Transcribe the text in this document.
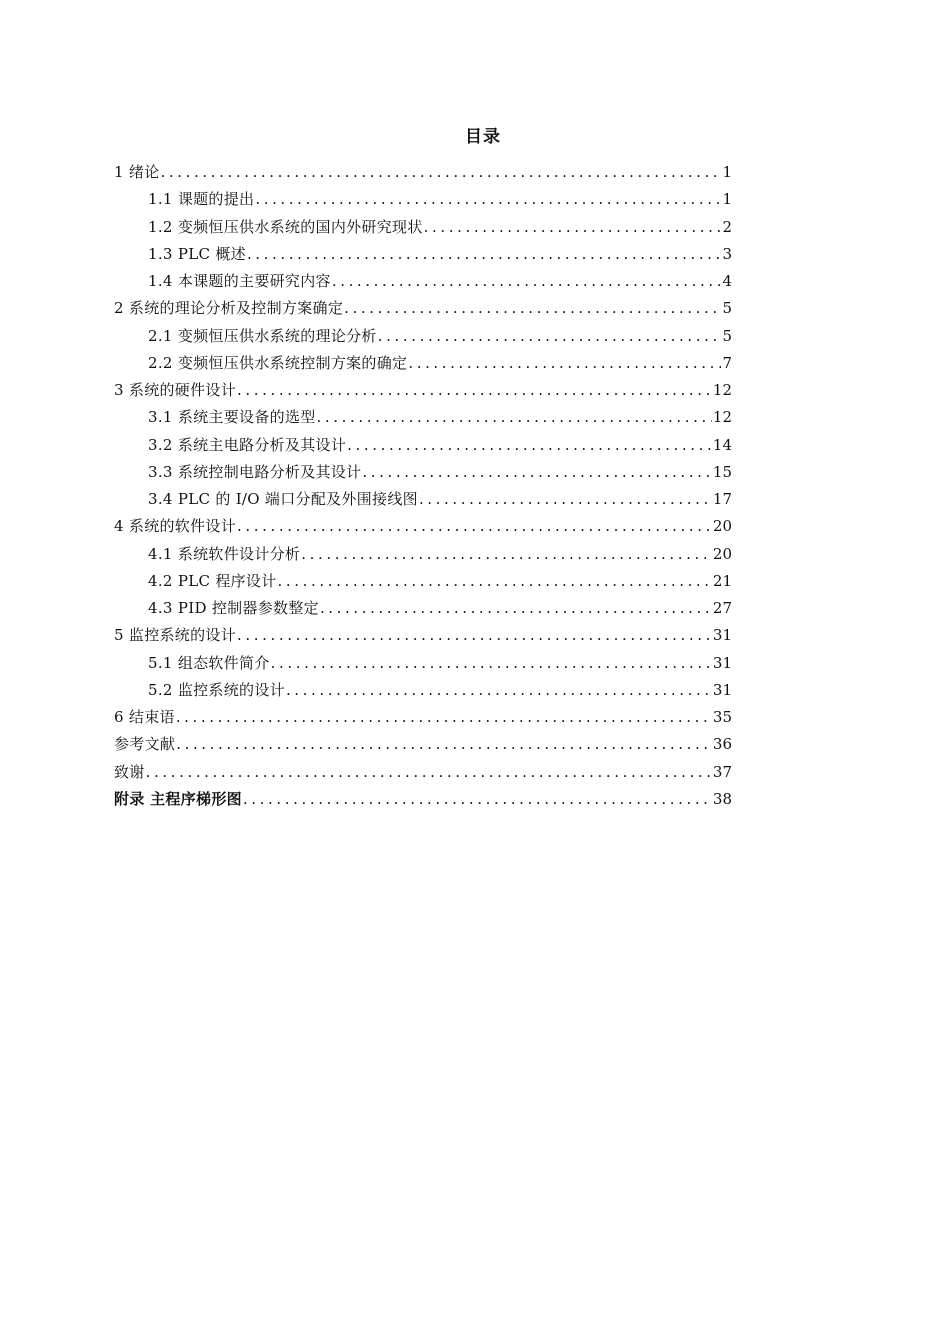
目录
1 绪论 .....	1
1.1 课题的提出 .....	1
1.2 变频恒压供水系统的国内外研究现状 .....	2
1.3 PLC 概述 .....	3
1.4 本课题的主要研究内容 .....	4
2 系统的理论分析及控制方案确定 .....	5
2.1 变频恒压供水系统的理论分析 .....	5
2.2 变频恒压供水系统控制方案的确定 .....	7
3 系统的硬件设计 .....	12
3.1 系统主要设备的选型 .....	12
3.2 系统主电路分析及其设计 .....	14
3.3 系统控制电路分析及其设计 .....	15
3.4 PLC 的 I/O 端口分配及外围接线图 .....	17
4 系统的软件设计 .....	20
4.1 系统软件设计分析 .....	20
4.2 PLC 程序设计 .....	21
4.3 PID 控制器参数整定 .....	27
5 监控系统的设计 .....	31
5.1 组态软件简介 .....	31
5.2 监控系统的设计 .....	31
6 结束语 .....	35
参考文献 .....	36
致谢 .....	37
附录 主程序梯形图 .....	38
